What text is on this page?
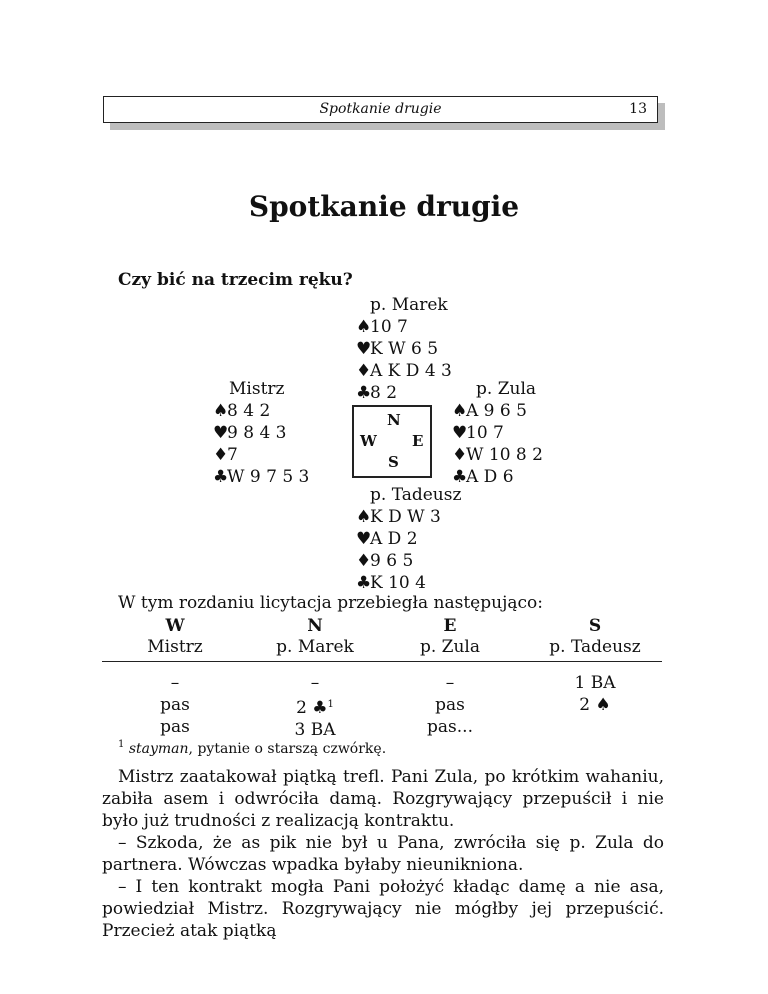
Spotkanie drugie	13
Spotkanie drugie
Czy bić na trzecim ręku?
p. Marek
♠10 7
♥K W 6 5
♦A K D 4 3
♣8 2
Mistrz
♠8 4 2
♥9 8 4 3
♦7
♣W 9 7 5 3
N
W E
S
p. Zula
♠A 9 6 5
♥10 7
♦W 10 8 2
♣A D 6
p. Tadeusz
♠K D W 3
♥A D 2
♦9 6 5
♣K 10 4
W tym rozdaniu licytacja przebiegła następująco:
W
Mistrz
N
p. Marek
E
p. Zula
S
p. Tadeusz
–
pas
pas
–
2 ♣$^1$
3 BA
–
pas
pas...
1 BA
2 ♠

$^1$ stayman, pytanie o starszą czwórkę.

Mistrz zaatakował piątką trefl. Pani Zula, po krótkim wahaniu, zabiła asem i odwróciła damą. Rozgrywający przepuścił i nie było już trudności z realizacją kontraktu.

– Szkoda, że as pik nie był u Pana, zwróciła się p. Zula do partnera. Wówczas wpadka byłaby nieunikniona.

– I ten kontrakt mogła Pani położyć kładąc damę a nie asa, powiedział Mistrz. Rozgrywający nie mógłby jej przepuścić. Przecież atak piątką
